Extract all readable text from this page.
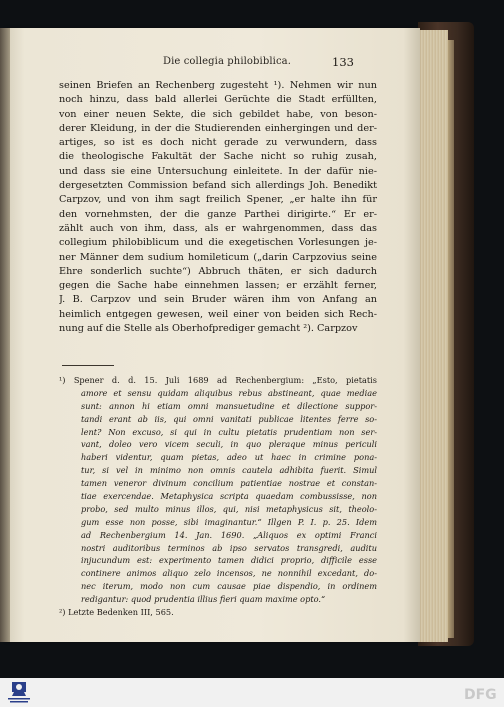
Die collegia philobiblica.	133
seinen Briefen an Rechenberg zugesteht ¹). Nehmen wir nun
noch hinzu, dass bald allerlei Gerüchte die Stadt erfüllten,
von einer neuen Sekte, die sich gebildet habe, von beson-
derer Kleidung, in der die Studierenden einhergingen und der-
artiges, so ist es doch nicht gerade zu verwundern, dass
die theologische Fakultät der Sache nicht so ruhig zusah,
und dass sie eine Untersuchung einleitete. In der dafür nie-
dergesetzten Commission befand sich allerdings Joh. Benedikt
Carpzov, und von ihm sagt freilich Spener, „er halte ihn für
den vornehmsten, der die ganze Parthei dirigirte.“ Er er-
zählt auch von ihm, dass, als er wahrgenommen, dass das
collegium philobiblicum und die exegetischen Vorlesungen je-
ner Männer dem sudium homileticum („darin Carpzovius seine
Ehre sonderlich suchte“) Abbruch thäten, er sich dadurch
gegen die Sache habe einnehmen lassen; er erzählt ferner,
J. B. Carpzov und sein Bruder wären ihm von Anfang an
heimlich entgegen gewesen, weil einer von beiden sich Rech-
nung auf die Stelle als Oberhofprediger gemacht ²). Carpzov
¹) Spener d. d. 15. Juli 1689 ad Rechenbergium: „Esto, pietatis
amore et sensu quidam aliquibus rebus abstineant, quae mediae
sunt: annon hi etiam omni mansuetudine et dilectione suppor-
tandi erant ab iis, qui omni vanitati publicae litentes ferre so-
lent? Non excuso, si qui in cultu pietatis prudentiam non ser-
vant, doleo vero vicem seculi, in quo pleraque minus periculi
haberi videntur, quam pietas, adeo ut haec in crimine pona-
tur, si vel in minimo non omnis cautela adhibita fuerit. Simul
tamen veneror divinum concilium patientiae nostrae et constan-
tiae exercendae. Metaphysica scripta quaedam combussisse, non
probo, sed multo minus illos, qui, nisi metaphysicus sit, theolo-
gum esse non posse, sibi imaginantur.“ Illgen P. I. p. 25. Idem
ad Rechenbergium 14. Jan. 1690. „Aliquos ex optimi Franci
nostri auditoribus terminos ab ipso servatos transgredi, auditu
injucundum est: experimento tamen didici proprio, difficile esse
continere animos aliquo zelo incensos, ne nonnihil excedant, do-
nec iterum, modo non cum causae piae dispendio, in ordinem
redigantur: quod prudentia illius fieri quam maxime opto.“
²) Letzte Bedenken III, 565.
DFG
